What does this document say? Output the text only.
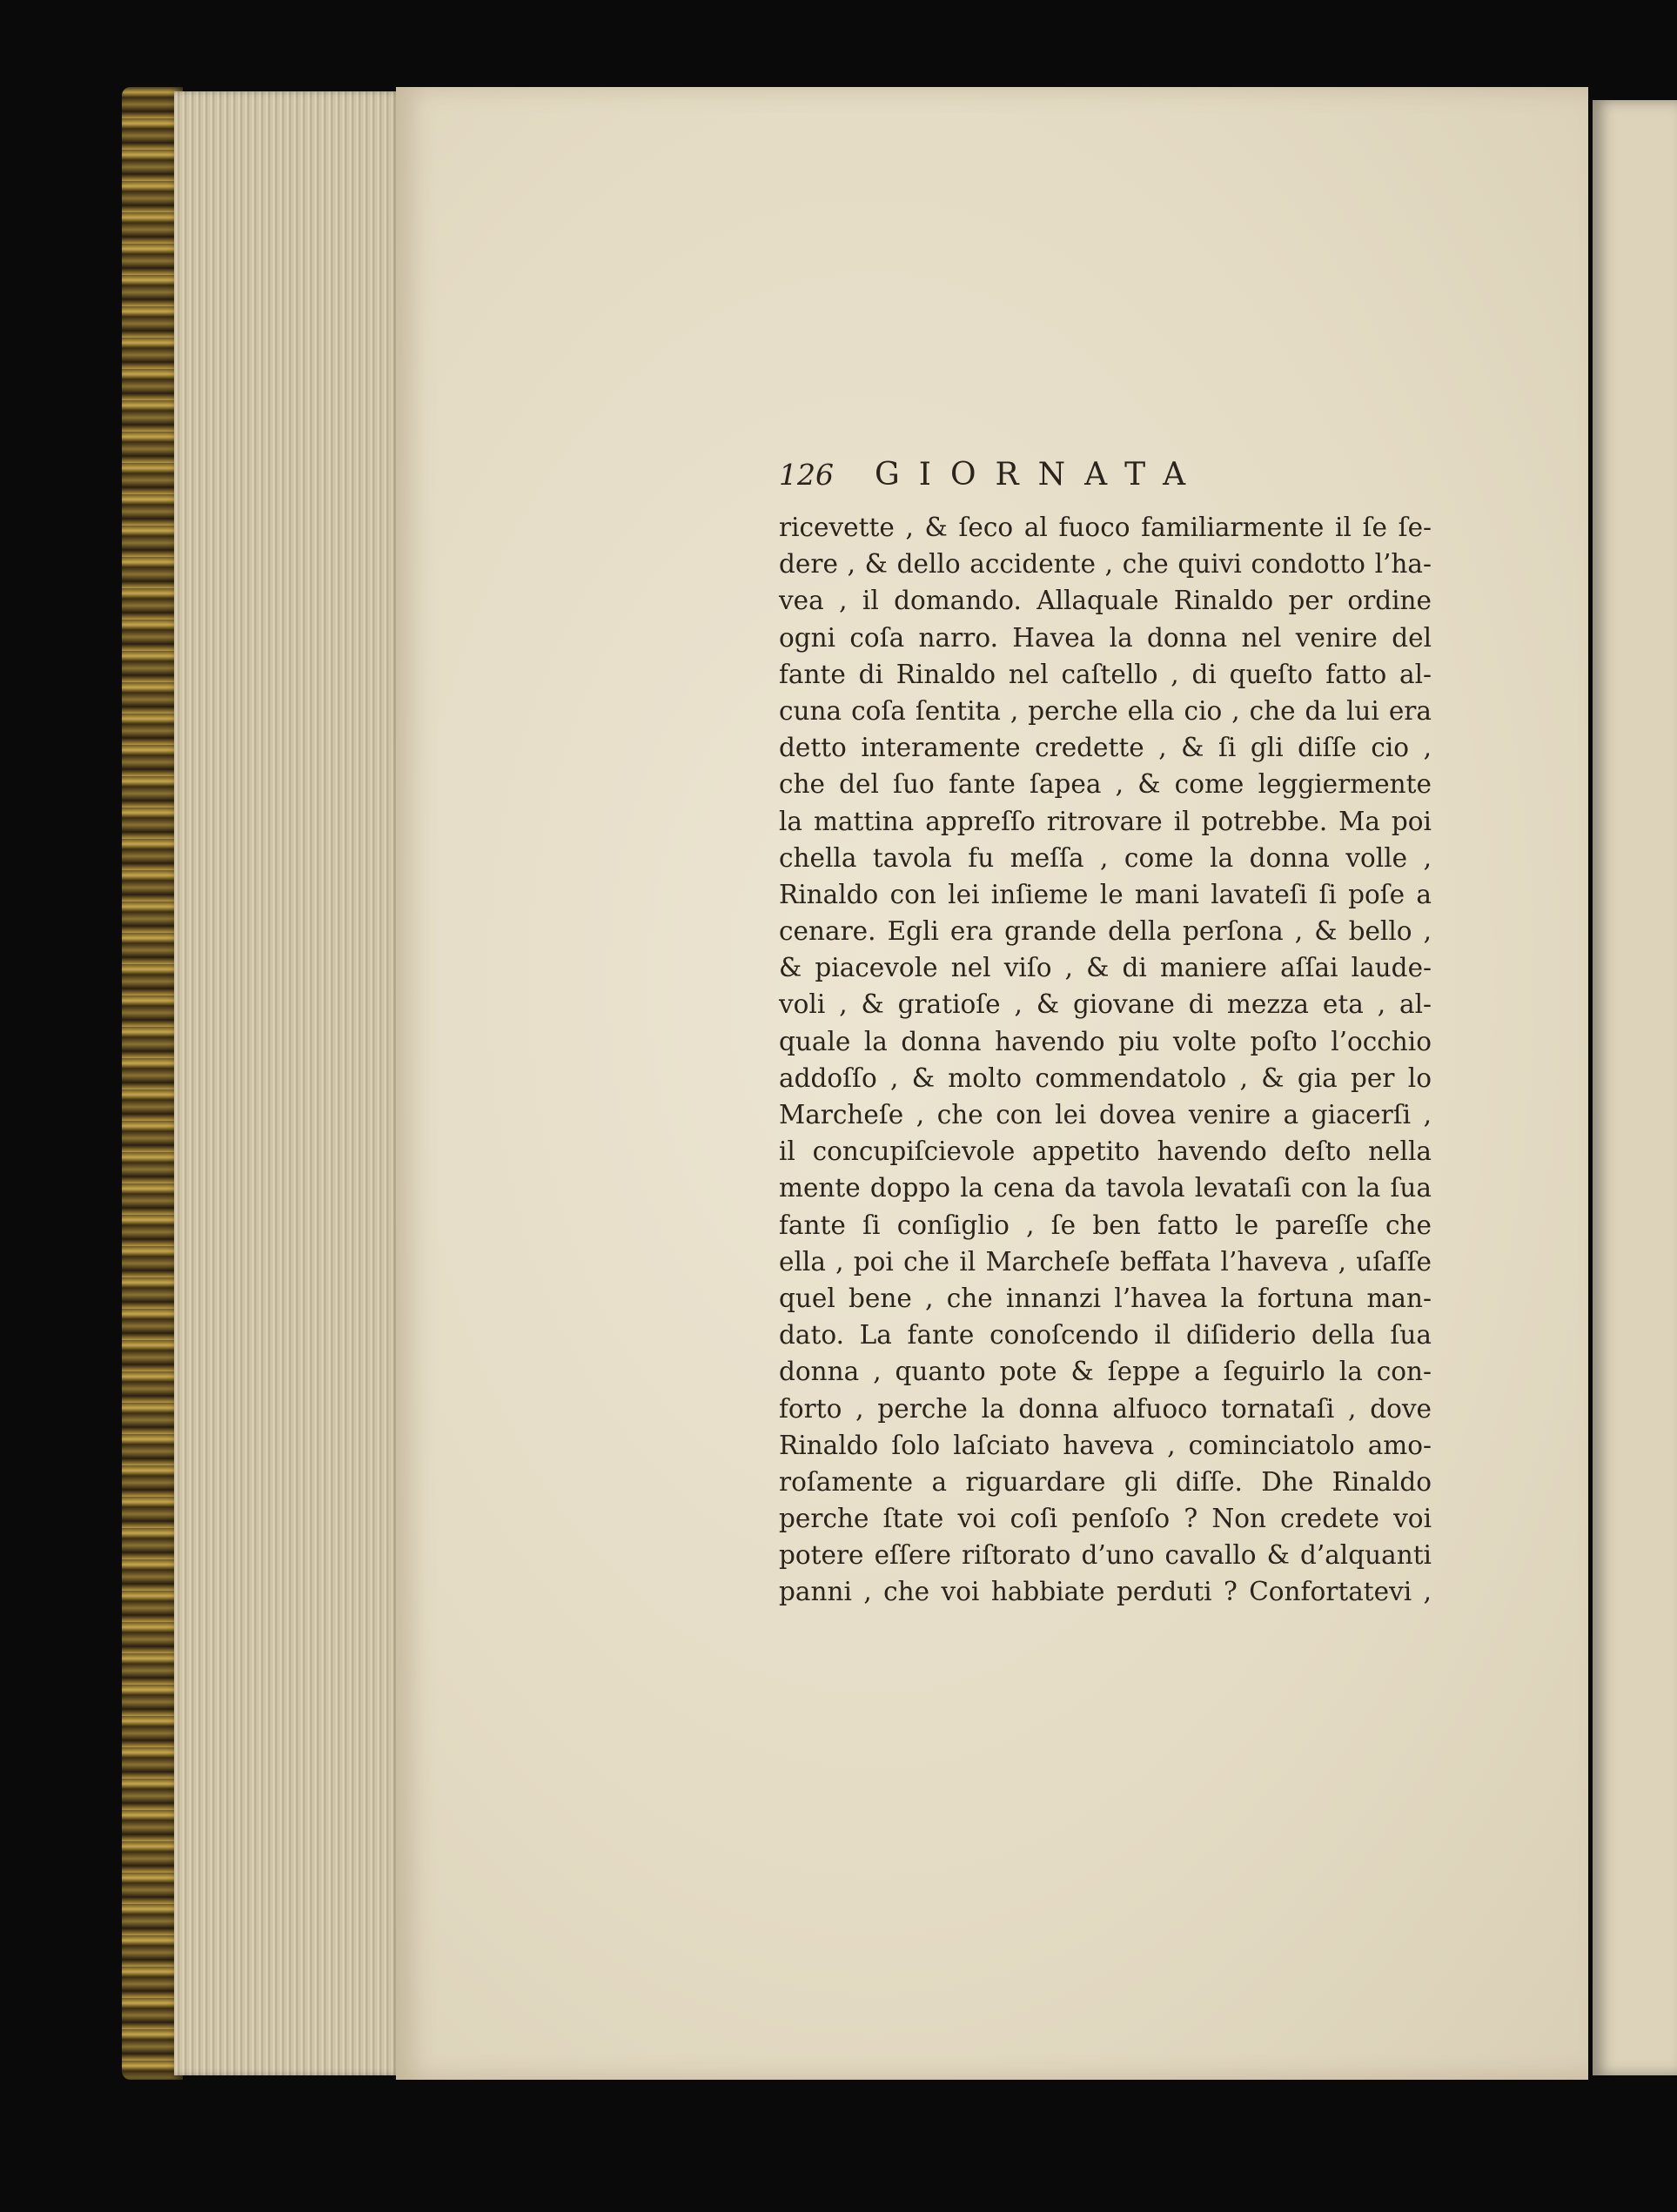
126	GIORNATA
ricevette , & ſeco al fuoco familiarmente il ſe ſe-
dere , & dello accidente , che quivi condotto l’ha-
vea , il domando. Allaquale Rinaldo per ordine
ogni coſa narro. Havea la donna nel venire del
fante di Rinaldo nel caſtello , di queſto fatto al-
cuna coſa ſentita , perche ella cio , che da lui era
detto interamente credette , & ſi gli diſſe cio ,
che del ſuo fante ſapea , & come leggiermente
la mattina appreſſo ritrovare il potrebbe. Ma poi
chella tavola fu meſſa , come la donna volle ,
Rinaldo con lei inſieme le mani lavateſi ſi poſe a
cenare. Egli era grande della perſona , & bello ,
& piacevole nel viſo , & di maniere aſſai laude-
voli , & gratioſe , & giovane di mezza eta , al-
quale la donna havendo piu volte poſto l’occhio
addoſſo , & molto commendatolo , & gia per lo
Marcheſe , che con lei dovea venire a giacerſi ,
il concupiſcievole appetito havendo deſto nella
mente doppo la cena da tavola levataſi con la ſua
fante ſi conſiglio , ſe ben fatto le pareſſe che
ella , poi che il Marcheſe beffata l’haveva , uſaſſe
quel bene , che innanzi l’havea la fortuna man-
dato. La fante conoſcendo il diſiderio della ſua
donna , quanto pote & ſeppe a ſeguirlo la con-
forto , perche la donna alfuoco tornataſi , dove
Rinaldo ſolo laſciato haveva , cominciatolo amo-
roſamente a riguardare gli diſſe. Dhe Rinaldo
perche ſtate voi coſi penſoſo ? Non credete voi
potere eſſere riſtorato d’uno cavallo & d’alquanti
panni , che voi habbiate perduti ? Confortatevi ,
